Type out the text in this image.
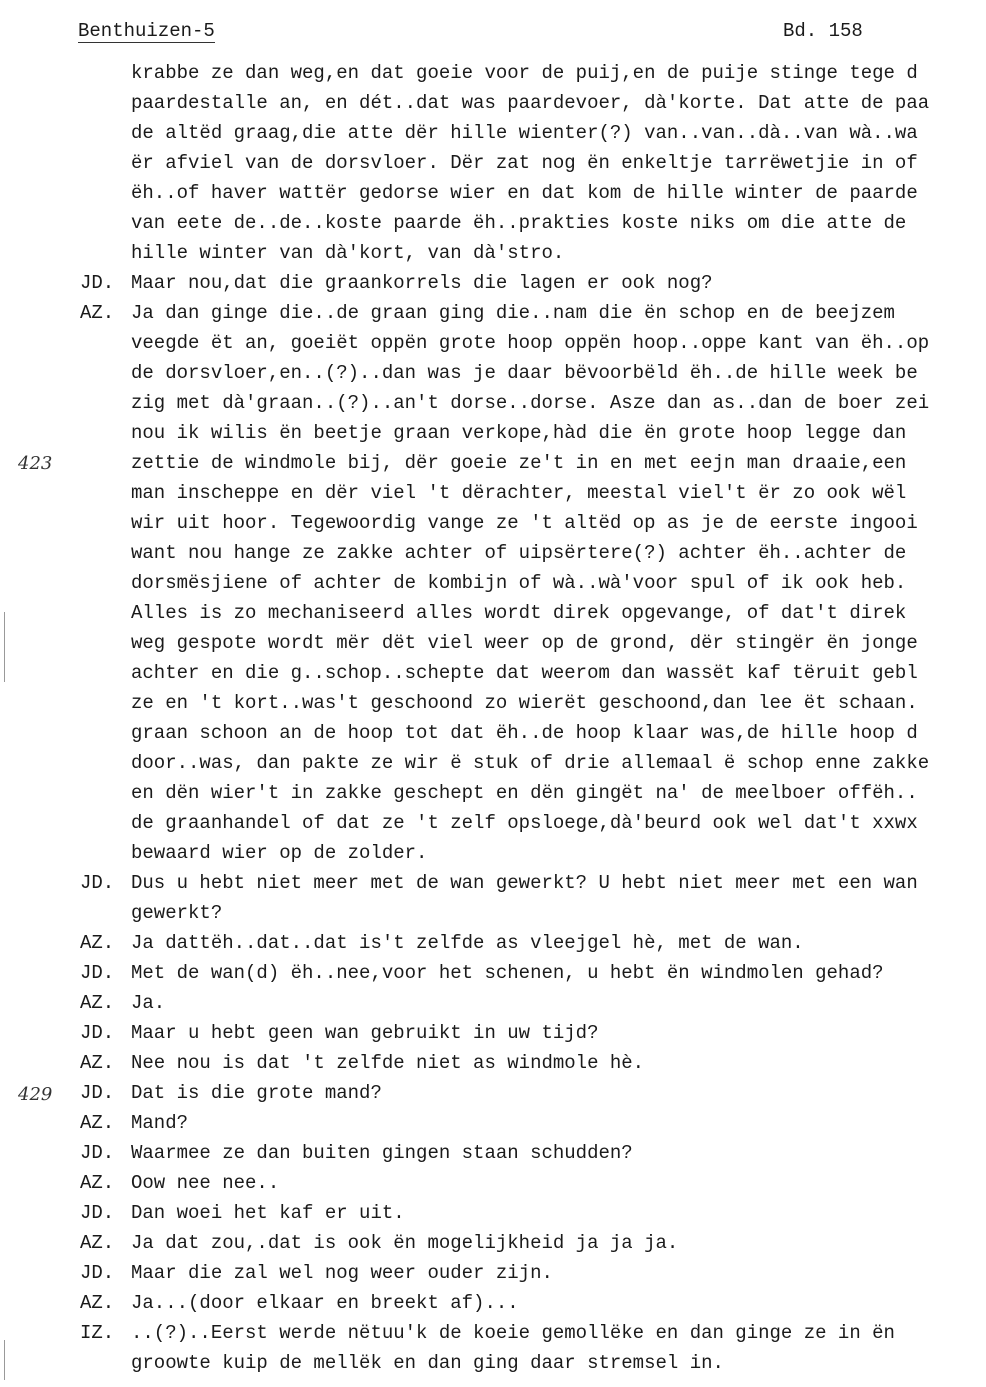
Benthuizen-5	Bd. 158
423
429
krabbe ze dan weg,en dat goeie voor de puij,en de puije stinge tege d
paardestalle an, en dét..dat was paardevoer, dà'korte. Dat atte de paa
de altëd graag,die atte dër hille wienter(?) van..van..dà..van wà..wa
ër afviel van de dorsvloer. Dër zat nog ën enkeltje tarrëwetjie in of
ëh..of haver wattër gedorse wier en dat kom de hille winter de paarde
van eete de..de..koste paarde ëh..prakties koste niks om die atte de
hille winter van dà'kort, van dà'stro.
JD. Maar nou,dat die graankorrels die lagen er ook nog?
AZ. Ja dan ginge die..de graan ging die..nam die ën schop en de beejzem
veegde ët an, goeiët oppën grote hoop oppën hoop..oppe kant van ëh..op
de dorsvloer,en..(?)..dan was je daar bëvoorbëld ëh..de hille week be
zig met dà'graan..(?)..an't dorse..dorse. Asze dan as..dan de boer zei
nou ik wilis ën beetje graan verkope,hàd die ën grote hoop legge dan
zettie de windmole bij, dër goeie ze't in en met eejn man draaie,een
man inscheppe en dër viel 't dërachter, meestal viel't ër zo ook wël
wir uit hoor. Tegewoordig vange ze 't altëd op as je de eerste ingooi
want nou hange ze zakke achter of uipsërtere(?) achter ëh..achter de
dorsmësjiene of achter de kombijn of wà..wà'voor spul of ik ook heb.
Alles is zo mechaniseerd alles wordt direk opgevange, of dat't direk
weg gespote wordt mër dët viel weer op de grond, dër stingër ën jonge
achter en die g..schop..schepte dat weerom dan wassët kaf tëruit gebl
ze en 't kort..was't geschoond zo wierët geschoond,dan lee ët schaan.
graan schoon an de hoop tot dat ëh..de hoop klaar was,de hille hoop d
door..was, dan pakte ze wir ë stuk of drie allemaal ë schop enne zakke
en dën wier't in zakke geschept en dën gingët na' de meelboer offëh..
de graanhandel of dat ze 't zelf opsloege,dà'beurd ook wel dat't xxwx
bewaard wier op de zolder.
JD. Dus u hebt niet meer met de wan gewerkt? U hebt niet meer met een wan
gewerkt?
AZ. Ja dattëh..dat..dat is't zelfde as vleejgel hè, met de wan.
JD. Met de wan(d) ëh..nee,voor het schenen, u hebt ën windmolen gehad?
AZ. Ja.
JD. Maar u hebt geen wan gebruikt in uw tijd?
AZ. Nee nou is dat 't zelfde niet as windmole hè.
JD. Dat is die grote mand?
AZ. Mand?
JD. Waarmee ze dan buiten gingen staan schudden?
AZ. Oow nee nee..
JD. Dan woei het kaf er uit.
AZ. Ja dat zou,.dat is ook ën mogelijkheid ja ja ja.
JD. Maar die zal wel nog weer ouder zijn.
AZ. Ja...(door elkaar en breekt af)...
IZ. ..(?)..Eerst werde nëtuu'k de koeie gemollëke en dan ginge ze in ën
groowte kuip de mellëk en dan ging daar stremsel in.
